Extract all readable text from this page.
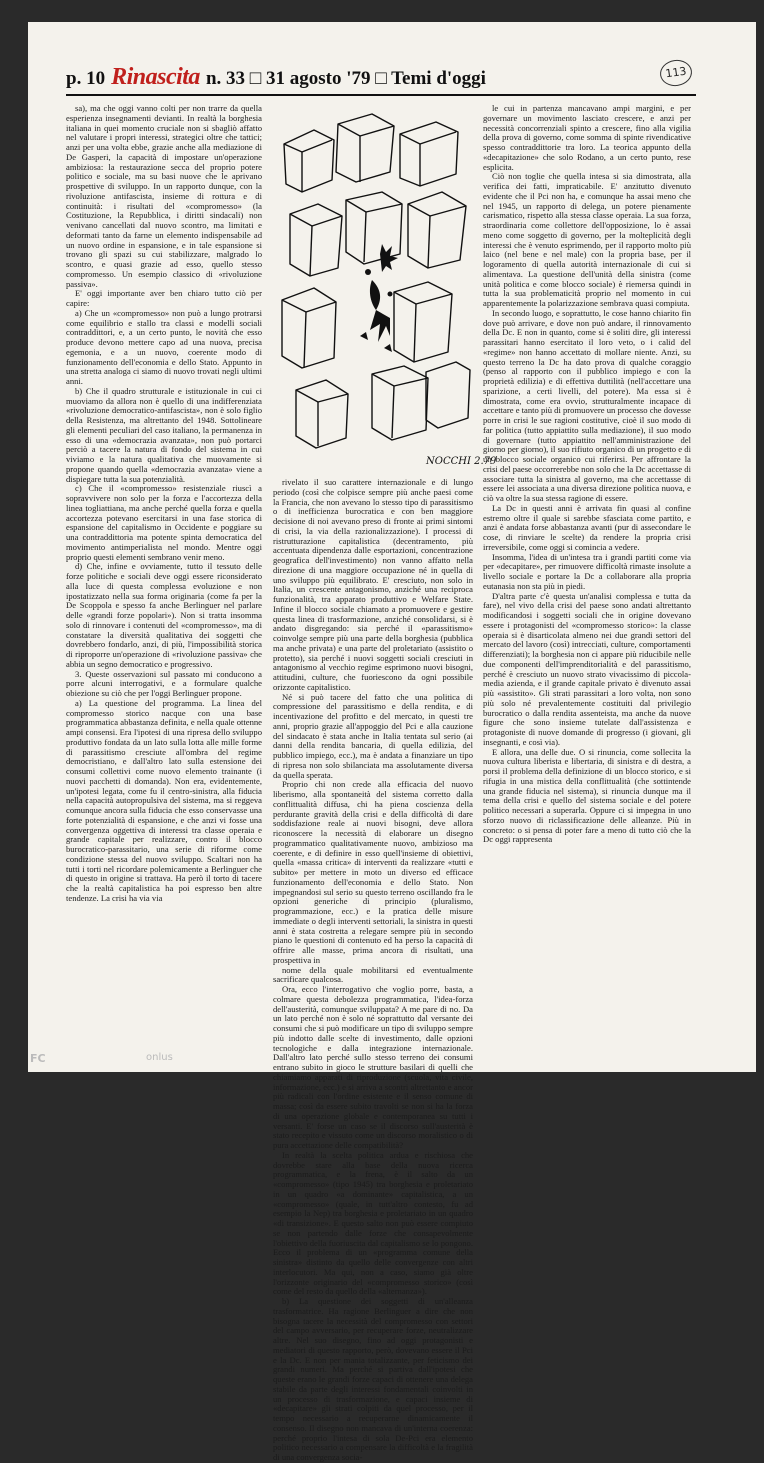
p. 10 Rinascita n. 33 □ 31 agosto '79 □ Temi d'oggi	113

sa), ma che oggi vanno colti per non trarre da quella esperienza insegnamenti devianti. In realtà la borghesia italiana in quei momento cruciale non si sbagliò affatto nel valutare i propri interessi, strategici oltre che tattici; anzi per una volta ebbe, grazie anche alla mediazione di De Gasperi, la capacità di impostare un'operazione ambiziosa: la restaurazione secca del proprio potere politico e sociale, ma su basi nuove che le aprivano prospettive di sviluppo. In un rapporto dunque, con la rivoluzione antifascista, insieme di rottura e di continuità: i risultati del «compromesso» (la Costituzione, la Repubblica, i diritti sindacali) non venivano cancellati dal nuovo scontro, ma limitati e deformati tanto da farne un elemento indispensabile ad un nuovo ordine in espansione, e in tale espansione si trovano gli spazi su cui stabilizzare, malgrado lo scontro, e quasi grazie ad esso, quello stesso compromesso. Un esempio classico di «rivoluzione passiva».

E' oggi importante aver ben chiaro tutto ciò per capire:

a) Che un «compromesso» non può a lungo protrarsi come equilibrio e stallo tra classi e modelli sociali contraddittori, e, a un certo punto, le novità che esso produce devono mettere capo ad una nuova, precisa egemonia, e a un nuovo, coerente modo di funzionamento dell'economia e dello Stato. Appunto in una stretta analoga ci siamo di nuovo trovati negli ultimi anni.

b) Che il quadro strutturale e istituzionale in cui ci muoviamo da allora non è quello di una indifferenziata «rivoluzione democratico-antifascista», non è solo figlio della Resistenza, ma altrettanto del 1948. Sottolineare gli elementi peculiari del caso italiano, la permanenza in esso di una «democrazia avanzata», non può portarci perciò a tacere la natura di fondo del sistema in cui viviamo e la natura qualitativa che muovamente si propone quando quella «democrazia avanzata» viene a dispiegare tutta la sua potenzialità.

c) Che il «compromesso» resistenziale riuscì a sopravvivere non solo per la forza e l'accortezza della linea togliattiana, ma anche perché quella forza e quella accortezza potevano esercitarsi in una fase storica di espansione del capitalismo in Occidente e poggiare su una contraddittoria ma potente spinta democratica del movimento antimperialista nel mondo. Mentre oggi proprio questi elementi sembrano venir meno.

d) Che, infine e ovviamente, tutto il tessuto delle forze politiche e sociali deve oggi essere riconsiderato alla luce di questa complessa evoluzione e non ipostatizzato nella sua forma originaria (come fa per la De Scoppola e spesso fa anche Berlinguer nel parlare delle «grandi forze popolari»). Non si tratta insomma solo di rinnovare i contenuti del «compromesso», ma di constatare la diversità qualitativa dei soggetti che dovrebbero fondarlo, anzi, di più, l'impossibilità storica di riproporre un'operazione di «rivoluzione passiva» che abbia un segno democratico e progressivo.

3. Queste osservazioni sul passato mi conducono a porre alcuni interrogativi, e a formulare qualche obiezione su ciò che per l'oggi Berlinguer propone.

a) La questione del programma. La linea del compromesso storico nacque con una base programmatica abbastanza definita, e nella quale ottenne ampi consensi. Era l'ipotesi di una ripresa dello sviluppo produttivo fondata da un lato sulla lotta alle mille forme di parassitismo cresciute all'ombra del regime democristiano, e dall'altro lato sulla estensione dei consumi collettivi come nuovo elemento trainante (i nuovi pacchetti di domanda). Non era, evidentemente, un'ipotesi legata, come fu il centro-sinistra, alla fiducia nella capacità autopropulsiva del sistema, ma si reggeva comunque ancora sulla fiducia che esso conservasse una forte potenzialità di espansione, e che anzi vi fosse una convergenza oggettiva di interessi tra classe operaia e grande capitale per realizzare, contro il blocco burocratico-parassitario, una serie di riforme come condizione stessa del nuovo sviluppo. Scaltari non ha tutti i torti nel ricordare polemicamente a Berlinguer che di questo in origine si trattava. Ha però il torto di tacere che la realtà capitalistica ha poi espresso ben altre tendenze. La crisi ha via via

NOCCHI 2.79

rivelato il suo carattere internazionale e di lungo periodo (così che colpisce sempre più anche paesi come la Francia, che non avevano lo stesso tipo di parassitismo o di inefficienza burocratica e con ben maggiore decisione di noi avevano preso di fronte ai primi sintomi di crisi, la via della razionalizzazione). I processi di ristrutturazione capitalistica (decentramento, più accentuata dipendenza dalle esportazioni, concentrazione geografica dell'investimento) non vanno affatto nella direzione di una maggiore occupazione né in quella di uno sviluppo più equilibrato. E' cresciuto, non solo in Italia, un crescente antagonismo, anziché una reciproca funzionalità, tra apparato produttivo e Welfare State. Infine il blocco sociale chiamato a promuovere e gestire questa linea di trasformazione, anziché consolidarsi, si è andato disgregando: sia perché il «parassitismo» coinvolge sempre più una parte della borghesia (pubblica ma anche privata) e una parte del proletariato (assistito o protetto), sia perché i nuovi soggetti sociali cresciuti in antagonismo al vecchio regime esprimono nuovi bisogni, attitudini, culture, che fuoriescono da ogni possibile orizzonte capitalistico.

Né si può tacere del fatto che una politica di compressione del parassitismo e della rendita, e di incentivazione del profitto e del mercato, in questi tre anni, proprio grazie all'appoggio del Pci e alla cauzione del sindacato è stata anche in Italia tentata sul serio (ai danni della rendita bancaria, di quella edilizia, del pubblico impiego, ecc.), ma è andata a finanziare un tipo di ripresa non solo sbilanciata ma assolutamente diversa da quella sperata.

Proprio chi non crede alla efficacia del nuovo liberismo, alla spontaneità del sistema corretto dalla conflittualità diffusa, chi ha piena coscienza della perdurante gravità della crisi e della difficoltà di dare soddisfazione reale ai nuovi bisogni, deve allora riconoscere la necessità di elaborare un disegno programmatico qualitativamente nuovo, ambizioso ma coerente, e di definire in esso quell'insieme di obiettivi, quella «massa critica» di interventi da realizzare «tutti e subito» per mettere in moto un diverso ed efficace funzionamento dell'economia e dello Stato. Non impegnandosi sul serio su questo terreno oscillando fra le opzioni generiche di principio (pluralismo, programmazione, ecc.) e la pratica delle misure immediate o degli interventi settoriali, la sinistra in questi anni è stata costretta a relegare sempre più in secondo piano le questioni di contenuto ed ha perso la capacità di offrire alle masse, prima ancora di risultati, una prospettiva in

nome della quale mobilitarsi ed eventualmente sacrificare qualcosa.

Ora, ecco l'interrogativo che voglio porre, basta, a colmare questa debolezza programmatica, l'idea-forza dell'austerità, comunque sviluppata? A me pare di no. Da un lato perché non è solo né soprattutto dal versante dei consumi che si può modificare un tipo di sviluppo sempre più indotto dalle scelte di investimento, dalle opzioni tecnologiche e dalla integrazione internazionale. Dall'altro lato perché sullo stesso terreno dei consumi entrano subito in gioco le strutture basilari di quelli che chiamiamo apparati di riproduzione (scuola, vita civile, informazione, ecc.) e si arriva a scontri altrettanto e ancor più radicali con l'ordine esistente e il senso comune di massa; così da essere subito travolti se non si ha la forza di una operazione globale e contemporanea su tutti i versanti. E' forse un caso se il discorso sull'austerità è stato recepito e vissuto come un discorso moralistico o di pura accettazione delle compatibilità?

In realtà la scelta politica ardua e rischiosa che dovrebbe stare alla base della nuova ricerca programmatica, e la frena, è il salto da un «compromesso» (tipo 1945) tra borghesia e proletariato in un quadro «a dominante» capitalistica, a un «compromesso» (quale, in tutt'altro contesto, fu ad esempio la Nep) tra borghesia e proletariato in un quadro «di transizione». E questo salto non può essere compiuto se non partendo dalle forze che consapevolmente l'obiettivo della fuoriuscita dal capitalismo se lo pongono. Ecco il problema di un «programma comune della sinistra» distinto da quello delle convergenze con altri interlocutori. Ma qui, non a caso, siamo già oltre l'orizzonte originario del «compromesso storico» (così come del resto da quello della «alternanza»).

b) La questione dei soggetti di un'alleanza trasformatrice. Ha ragione Berlinguer a dire che non bisogna tacere la necessità del compromesso con settori del campo avversario, per recuperare forze, neutralizzare altre. Nel suo disegno, fino ad oggi protagonisti e mediatori di questo rapporto, però, dovevano essere il Pci e la Dc. E non per mania totalizzante, per feticismo dei grandi numeri. Ma perché si partiva dall'ipotesi che queste erano le grandi forze capaci di ottenere una delega stabile da parte degli interessi fondamentali coinvolti in un processo di trasformazione, e capaci insieme di «decapitare» gli strati colpiti da quel processo, per il tempo necessario a recuperarne dinamicamente il consenso. Il disegno non mancava di un'interna coerenza: perché proprio l'intesa di sola De-Pci era elemento politico necessario a compensare la difficoltà e la fragilità di una convergenza socia-

le cui in partenza mancavano ampi margini, e per governare un movimento lasciato crescere, e anzi per necessità concorrenziali spinto a crescere, fino alla vigilia della prova di governo, come somma di spinte rivendicative spesso contraddittorie tra loro. La teorica appunto della «decapitazione» che solo Rodano, a un certo punto, rese esplicita.

Ciò non toglie che quella intesa si sia dimostrata, alla verifica dei fatti, impraticabile. E' anzitutto divenuto evidente che il Pci non ha, e comunque ha assai meno che nel 1945, un rapporto di delega, un potere pienamente carismatico, rispetto alla stessa classe operaia. La sua forza, straordinaria come collettore dell'opposizione, lo è assai meno come soggetto di governo, per la molteplicità degli interessi che è venuto esprimendo, per il rapporto molto più laico (nel bene e nel male) con la propria base, per il logoramento di quella autorità internazionale di cui si alimentava. La questione dell'unità della sinistra (come unità politica e come blocco sociale) è riemersa quindi in tutta la sua problematicità proprio nel momento in cui apparentemente la polarizzazione sembrava quasi compiuta.

In secondo luogo, e soprattutto, le cose hanno chiarito fin dove può arrivare, e dove non può andare, il rinnovamento della Dc. E non in quanto, come si è soliti dire, gli interessi parassitari hanno esercitato il loro veto, o i calid del «regime» non hanno accettato di mollare niente. Anzi, su questo terreno la Dc ha dato prova di qualche coraggio (penso al rapporto con il pubblico impiego e con la proprietà edilizia) e di effettiva duttilità (nell'accettare una sparizione, a certi livelli, del potere). Ma essa si è dimostrata, come era ovvio, strutturalmente incapace di accettare e tanto più di promuovere un processo che dovesse porre in crisi le sue ragioni costitutive, cioè il suo modo di far politica (tutto appiattito sulla mediazione), il suo modo di governare (tutto appiattito nell'amministrazione del giorno per giorno), il suo rifiuto organico di un progetto e di un blocco sociale organico cui riferirsi. Per affrontare la crisi del paese occorrerebbe non solo che la Dc accettasse di associare tutta la sinistra al governo, ma che accettasse di essere lei associata a una diversa direzione politica nuova, e ciò va oltre la sua stessa ragione di essere.

La Dc in questi anni è arrivata fin quasi al confine estremo oltre il quale si sarebbe sfasciata come partito, e anzi è andata forse abbastanza avanti (pur di assecondare le cose, di rinviare le scelte) da rendere la propria crisi irreversibile, come oggi si comincia a vedere.

Insomma, l'idea di un'intesa tra i grandi partiti come via per «decapitare», per rimuovere difficoltà rimaste insolute a livello sociale e portare la Dc a collaborare alla propria eutanasia non sta più in piedi.

D'altra parte c'è questa un'analisi complessa e tutta da fare), nel vivo della crisi del paese sono andati altrettanto modificandosi i soggetti sociali che in origine dovevano essere i protagonisti del «compromesso storico»: la classe operaia si è disarticolata almeno nei due grandi settori del mercato del lavoro (così) intrecciati, culture, comportamenti differenziati); la borghesia non ci appare più riducibile nelle due componenti dell'imprenditorialità e del parassitismo, perché è cresciuto un nuovo strato vivacissimo di piccola-media azienda, e il grande capitale privato è divenuto assai più «assistito». Gli strati parassitari a loro volta, non sono più solo né prevalentemente costituiti dal privilegio burocratico o dalla rendita assenteista, ma anche da nuove figure che sono insieme tutelate dall'assistenza e protagoniste di nuove domande di progresso (i giovani, gli insegnanti, e così via).

E allora, una delle due. O si rinuncia, come sollecita la nuova cultura liberista e libertaria, di sinistra e di destra, a porsi il problema della definizione di un blocco storico, e si rifugia in una mistica della conflittualità (che sottintende una grande fiducia nel sistema), si rinuncia dunque ma il tema della crisi e quello del sistema sociale e del potere politico necessari a superarla. Oppure ci si impegna in uno sforzo nuovo di riclassificazione delle alleanze. Più in concreto: o si pensa di poter fare a meno di tutto ciò che la Dc oggi rappresenta

FC	onlus
